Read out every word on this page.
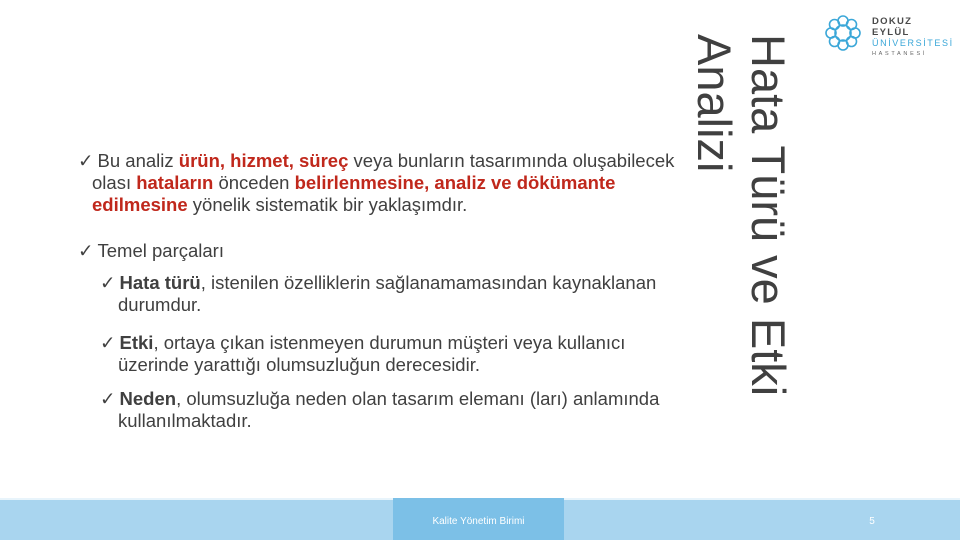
DOKUZ EYLÜL
ÜNİVERSİTESİ
HASTANESİ
✓ Bu analiz ürün, hizmet, süreç veya bunların tasarımında oluşabilecek
olası hataların önceden belirlenmesine, analiz ve dökümante
edilmesine yönelik sistematik bir yaklaşımdır.
✓ Temel parçaları
✓ Hata türü, istenilen özelliklerin sağlanamamasından kaynaklanan
durumdur.
✓ Etki, ortaya çıkan istenmeyen durumun müşteri veya kullanıcı
üzerinde yarattığı olumsuzluğun derecesidir.
✓ Neden, olumsuzluğa neden olan tasarım elemanı (ları) anlamında
kullanılmaktadır.
Hata Türü ve Etki
Analizi
Kalite Yönetim Birimi	5
